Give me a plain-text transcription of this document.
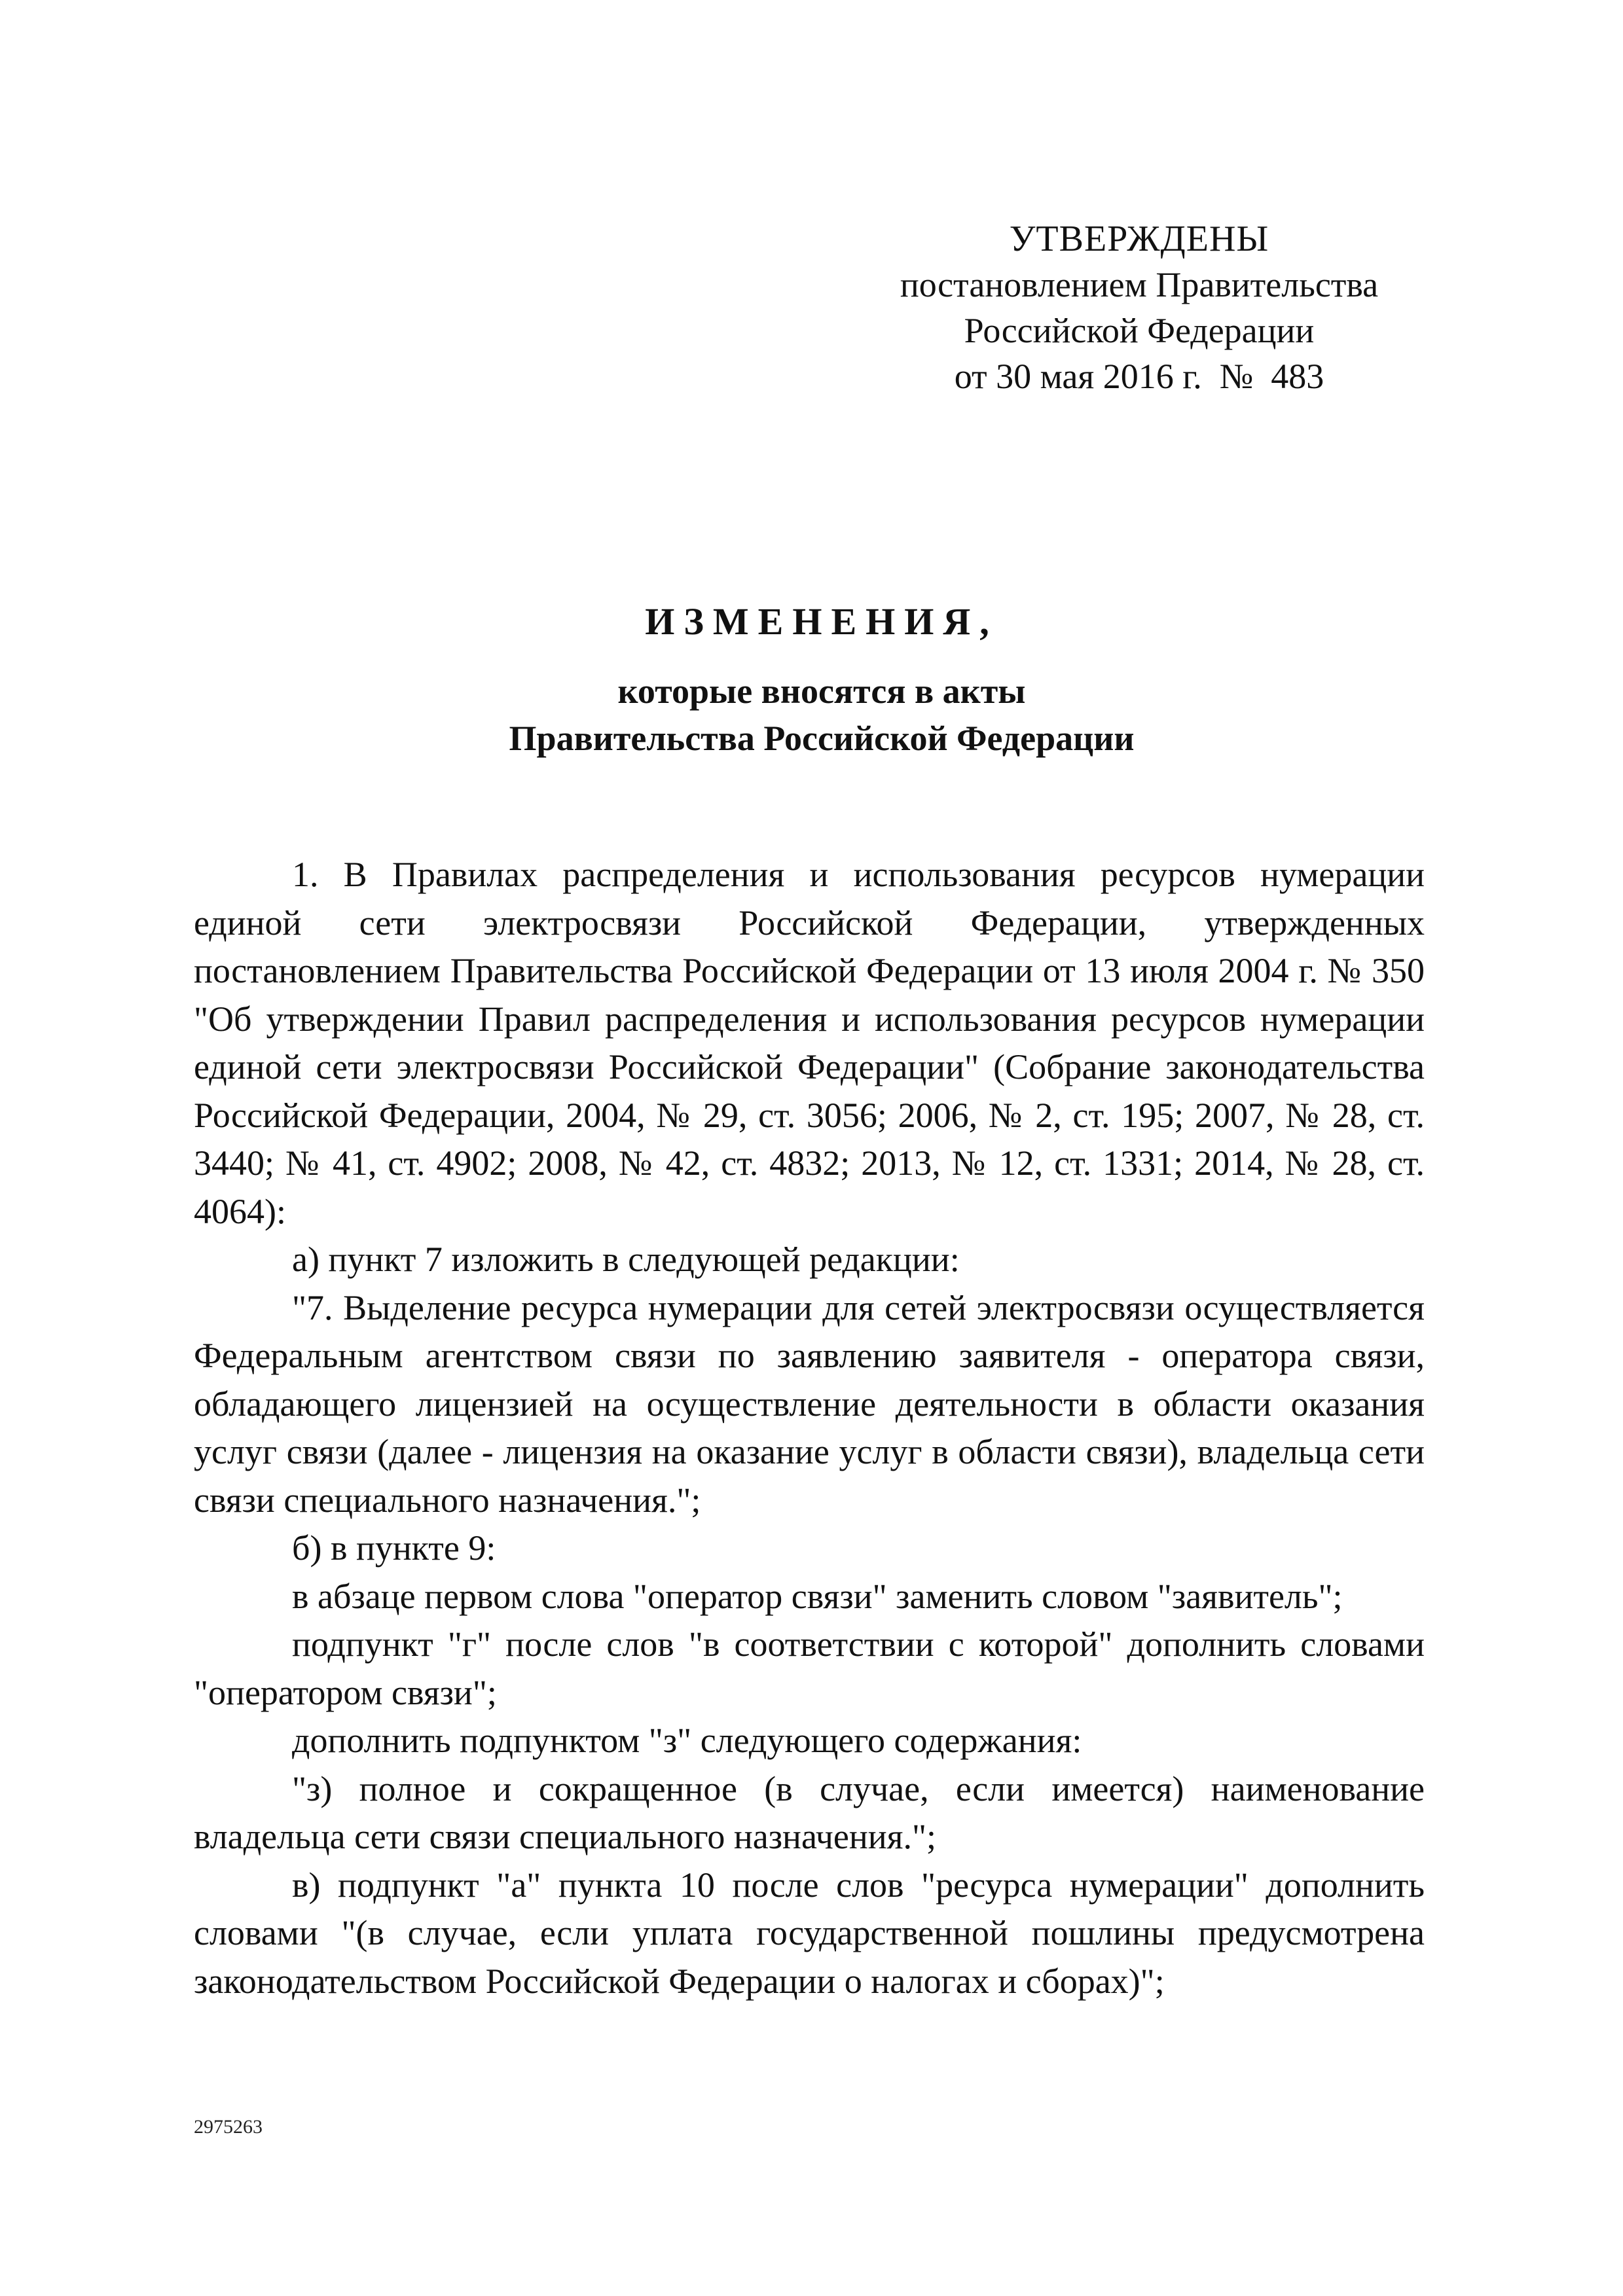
УТВЕРЖДЕНЫ
постановлением Правительства
Российской Федерации
от 30 мая 2016 г.  №  483
ИЗМЕНЕНИЯ,
которые вносятся в акты
Правительства Российской Федерации

1. В Правилах распределения и использования ресурсов нумерации единой сети электросвязи Российской Федерации, утвержденных постановлением Правительства Российской Федерации от 13 июля 2004 г. № 350 "Об утверждении Правил распределения и использования ресурсов нумерации единой сети электросвязи Российской Федерации" (Собрание законодательства Российской Федерации, 2004, № 29, ст. 3056; 2006, № 2, ст. 195; 2007, № 28, ст. 3440; № 41, ст. 4902; 2008, № 42, ст. 4832; 2013, № 12, ст. 1331; 2014, № 28, ст. 4064):

а) пункт 7 изложить в следующей редакции:

"7. Выделение ресурса нумерации для сетей электросвязи осуществляется Федеральным агентством связи по заявлению заявителя - оператора связи, обладающего лицензией на осуществление деятельности в области оказания услуг связи (далее - лицензия на оказание услуг в области связи), владельца сети связи специального назначения.";

б) в пункте 9:

в абзаце первом слова "оператор связи" заменить словом "заявитель";

подпункт "г" после слов "в соответствии с которой" дополнить словами "оператором связи";

дополнить подпунктом "з" следующего содержания:

"з) полное и сокращенное (в случае, если имеется) наименование владельца сети связи специального назначения.";

в) подпункт "а" пункта 10 после слов "ресурса нумерации" дополнить словами "(в случае, если уплата государственной пошлины предусмотрена законодательством Российской Федерации о налогах и сборах)";

2975263
